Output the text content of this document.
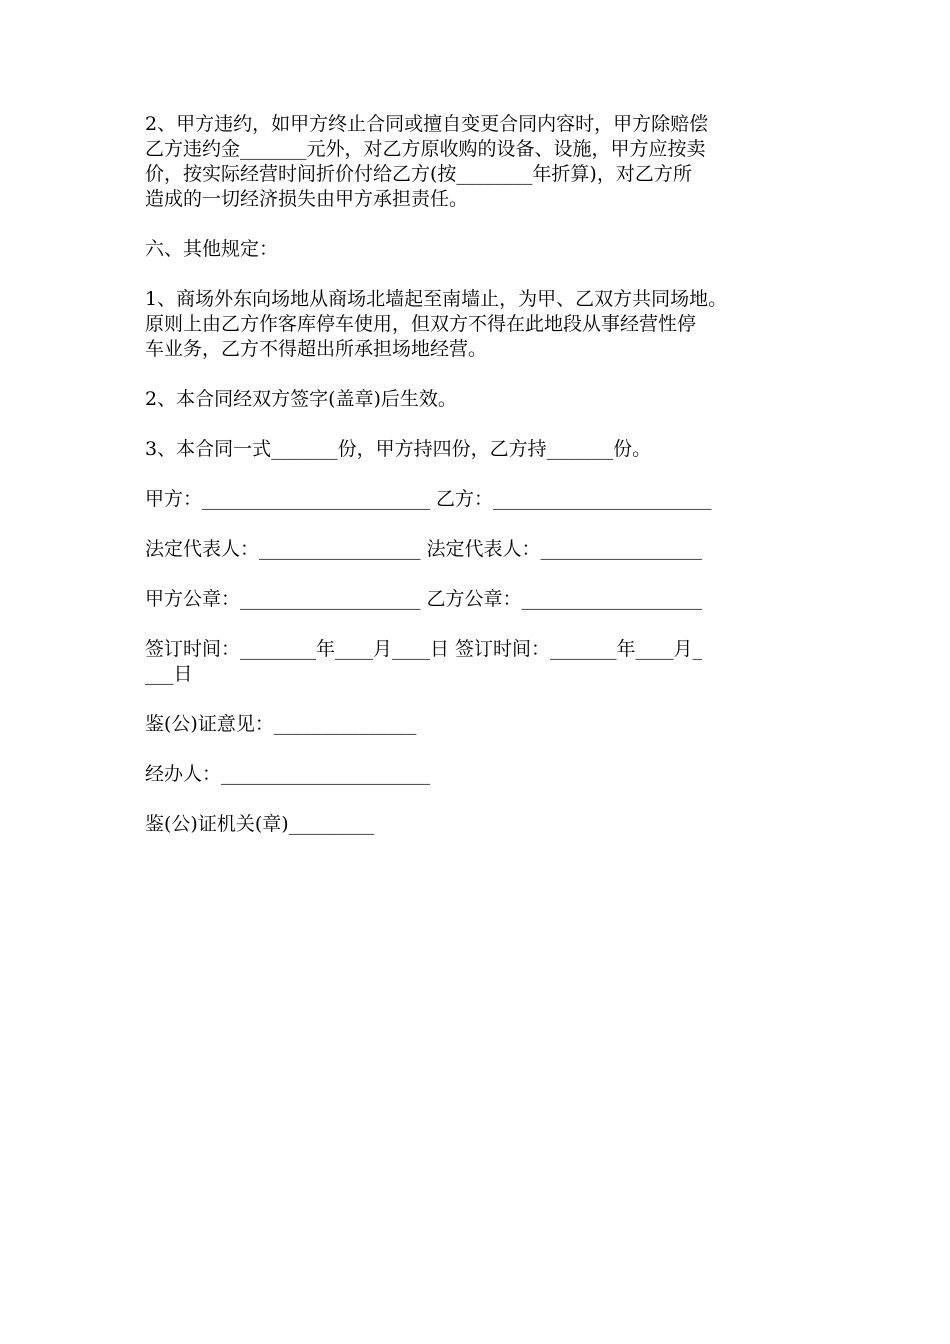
2、甲方违约，如甲方终止合同或擅自变更合同内容时，甲方除赔偿

乙方违约金_______元外，对乙方原收购的设备、设施，甲方应按卖

价，按实际经营时间折价付给乙方(按________年折算)，对乙方所

造成的一切经济损失由甲方承担责任。

六、其他规定：

1、商场外东向场地从商场北墙起至南墙止，为甲、乙双方共同场地。

原则上由乙方作客库停车使用，但双方不得在此地段从事经营性停

车业务，乙方不得超出所承担场地经营。

2、本合同经双方签字(盖章)后生效。

3、本合同一式_______份，甲方持四份，乙方持_______份。

甲方：________________________ 乙方：_______________________

法定代表人：_________________ 法定代表人：_________________

甲方公章：___________________ 乙方公章：___________________

签订时间：________年____月____日 签订时间：_______年____月_

___日

鉴(公)证意见：_______________

经办人：______________________

鉴(公)证机关(章)_________
